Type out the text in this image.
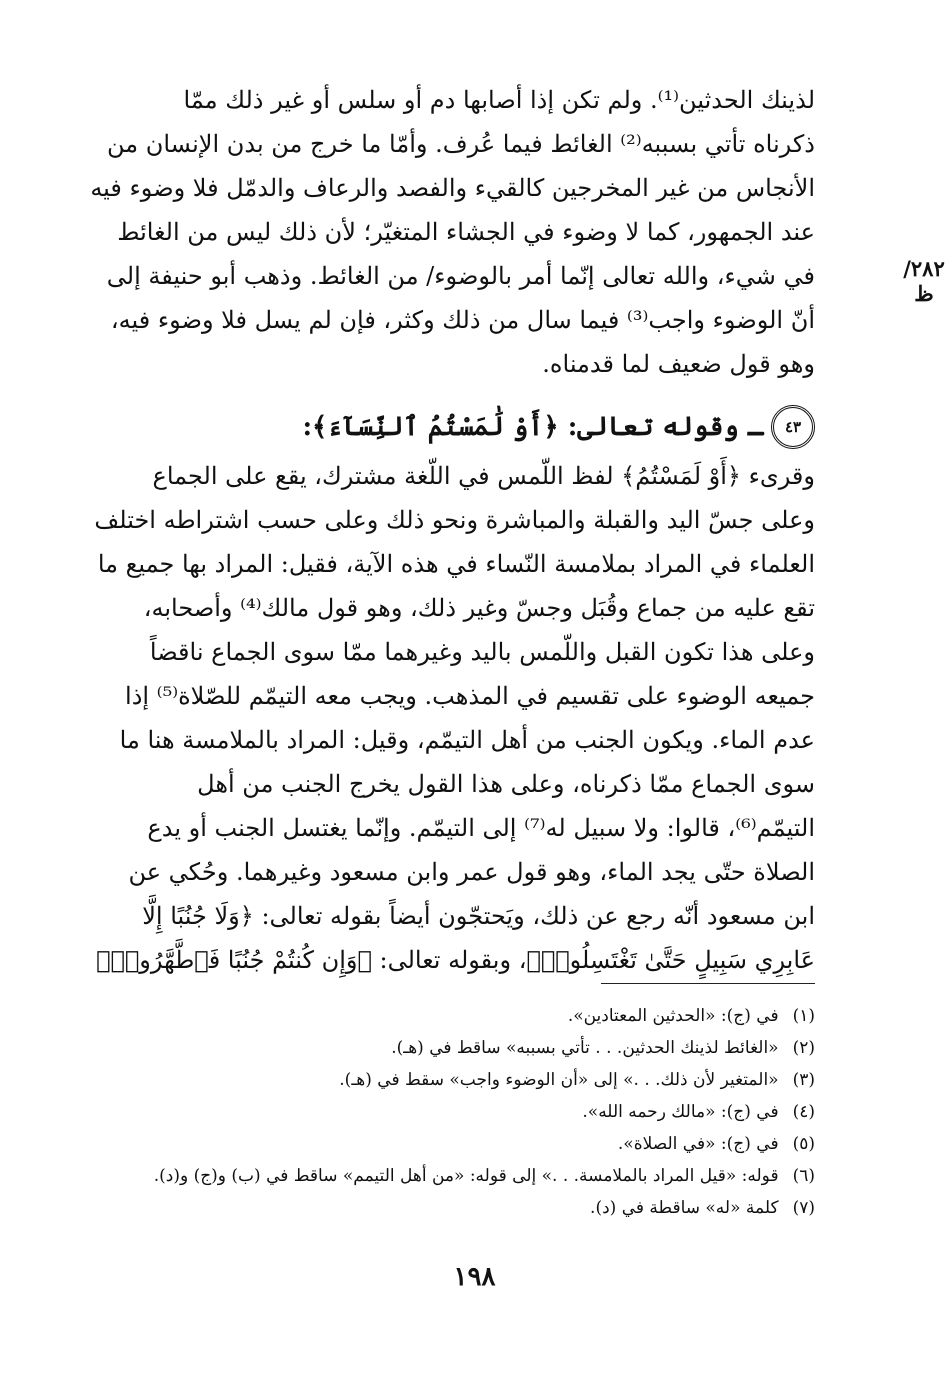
٢٨٢/ظ

لذينك الحدثين⁽¹⁾. ولم تكن إذا أصابها دم أو سلس أو غير ذلك ممّا
ذكرناه تأتي بسببه⁽²⁾ الغائط فيما عُرف. وأمّا ما خرج من بدن الإنسان من
الأنجاس من غير المخرجين كالقيء والفصد والرعاف والدمّل فلا وضوء فيه
عند الجمهور، كما لا وضوء في الجشاء المتغيّر؛ لأن ذلك ليس من الغائط
في شيء، والله تعالى إنّما أمر بالوضوء/ من الغائط. وذهب أبو حنيفة إلى
أنّ الوضوء واجب⁽³⁾ فيما سال من ذلك وكثر، فإن لم يسل فلا وضوء فيه،
وهو قول ضعيف لما قدمناه.

٤٣
ـ وقوله تعالى: ﴿أَوْ لَٰمَسْتُمُ ٱلنِّسَآءَ﴾:

وقرىء ﴿أَوْ لَمَسْتُمُ﴾ لفظ اللّمس في اللّغة مشترك، يقع على الجماع
وعلى جسّ اليد والقبلة والمباشرة ونحو ذلك وعلى حسب اشتراطه اختلف
العلماء في المراد بملامسة النّساء في هذه الآية، فقيل: المراد بها جميع ما
تقع عليه من جماع وقُبَل وجسّ وغير ذلك، وهو قول مالك⁽⁴⁾ وأصحابه،
وعلى هذا تكون القبل واللّمس باليد وغيرهما ممّا سوى الجماع ناقضاً
جميعه الوضوء على تقسيم في المذهب. ويجب معه التيمّم للصّلاة⁽⁵⁾ إذا
عدم الماء. ويكون الجنب من أهل التيمّم، وقيل: المراد بالملامسة هنا ما
سوى الجماع ممّا ذكرناه، وعلى هذا القول يخرج الجنب من أهل
التيمّم⁽⁶⁾، قالوا: ولا سبيل له⁽⁷⁾ إلى التيمّم. وإنّما يغتسل الجنب أو يدع
الصلاة حتّى يجد الماء، وهو قول عمر وابن مسعود وغيرهما. وحُكي عن
ابن مسعود أنّه رجع عن ذلك، ويَحتجّون أيضاً بقوله تعالى: ﴿وَلَا جُنُبًا إِلَّا
عَابِرِي سَبِيلٍ حَتَّىٰ تَغْتَسِلُوا۟﴾، وبقوله تعالى: ﴿وَإِن كُنتُمْ جُنُبًا فَٱطَّهَّرُوا۟﴾

(١)
في (ج): «الحدثين المعتادين».
(٢)
«الغائط لذينك الحدثين. . . تأتي بسببه» ساقط في (هـ).
(٣)
«المتغير لأن ذلك. . .» إلى «أن الوضوء واجب» سقط في (هـ).
(٤)
في (ج): «مالك رحمه الله».
(٥)
في (ج): «في الصلاة».
(٦)
قوله: «قيل المراد بالملامسة. . .» إلى قوله: «من أهل التيمم» ساقط في (ب) و(ج) و(د).
(٧)
كلمة «له» ساقطة في (د).
١٩٨
